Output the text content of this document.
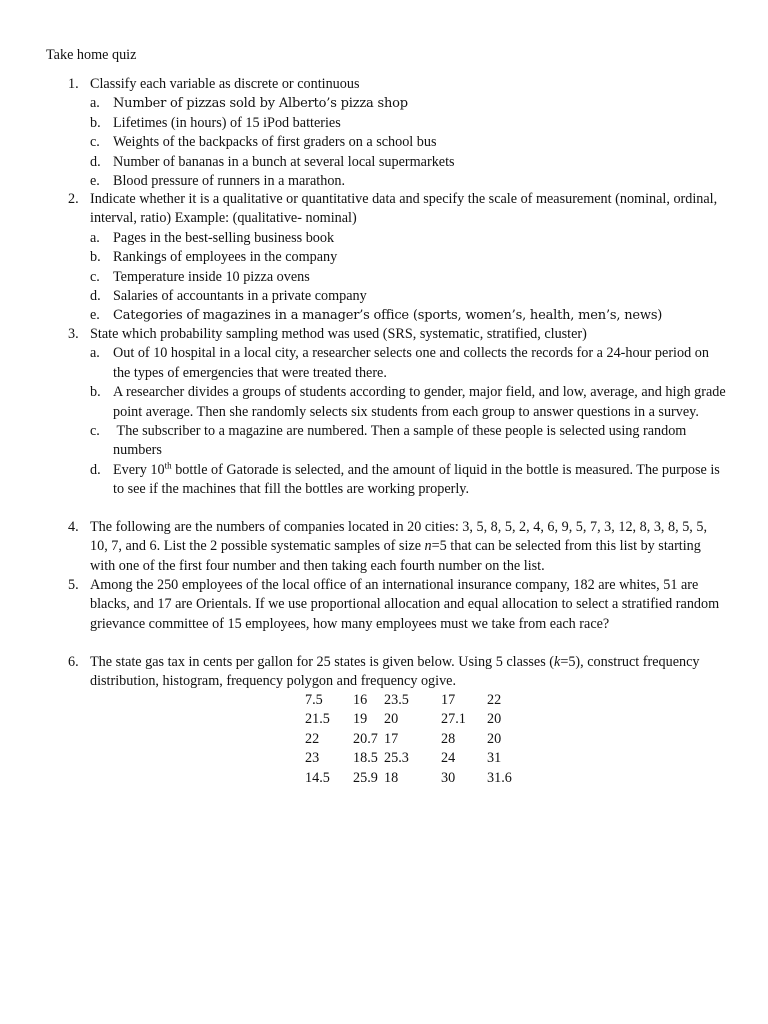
Take home quiz
1. Classify each variable as discrete or continuous
a. Number of pizzas sold by Alberto’s pizza shop
b. Lifetimes (in hours) of 15 iPod batteries
c. Weights of the backpacks of first graders on a school bus
d. Number of bananas in a bunch at several local supermarkets
e. Blood pressure of runners in a marathon.
2. Indicate whether it is a qualitative or quantitative data and specify the scale of measurement (nominal, ordinal, interval, ratio) Example: (qualitative- nominal)
a. Pages in the best-selling business book
b. Rankings of employees in the company
c. Temperature inside 10 pizza ovens
d. Salaries of accountants in a private company
e. Categories of magazines in a manager’s office (sports, women’s, health, men’s, news)
3. State which probability sampling method was used (SRS, systematic, stratified, cluster)
a. Out of 10 hospital in a local city, a researcher selects one and collects the records for a 24-hour period on the types of emergencies that were treated there.
b. A researcher divides a groups of students according to gender, major field, and low, average, and high grade point average. Then she randomly selects six students from each group to answer questions in a survey.
c. The subscriber to a magazine are numbered. Then a sample of these people is selected using random numbers
d. Every 10th bottle of Gatorade is selected, and the amount of liquid in the bottle is measured. The purpose is to see if the machines that fill the bottles are working properly.
4. The following are the numbers of companies located in 20 cities: 3, 5, 8, 5, 2, 4, 6, 9, 5, 7, 3, 12, 8, 3, 8, 5, 5, 10, 7, and 6. List the 2 possible systematic samples of size n=5 that can be selected from this list by starting with one of the first four number and then taking each fourth number on the list.
5. Among the 250 employees of the local office of an international insurance company, 182 are whites, 51 are blacks, and 17 are Orientals. If we use proportional allocation and equal allocation to select a stratified random grievance committee of 15 employees, how many employees must we take from each race?
6. The state gas tax in cents per gallon for 25 states is given below. Using 5 classes (k=5), construct frequency distribution, histogram, frequency polygon and frequency ogive.
7.5	16	23.5	17	22
21.5	19	20	27.1	20
22	20.7	17	28	20
23	18.5	25.3	24	31
14.5	25.9	18	30	31.6
